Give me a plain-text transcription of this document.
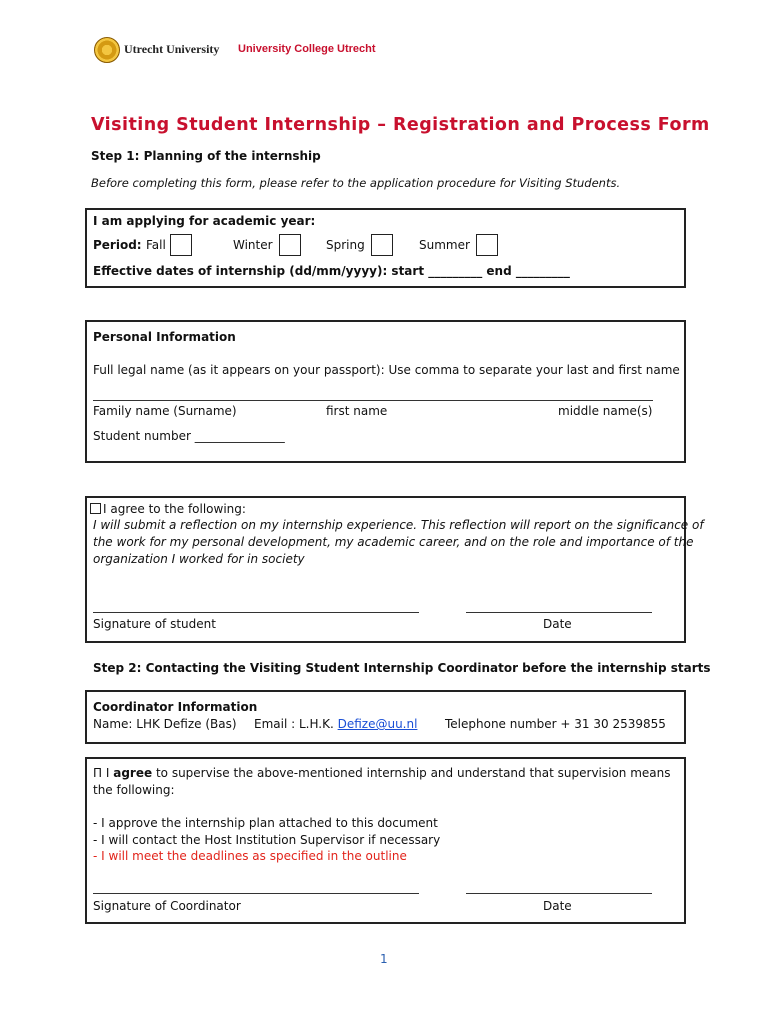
Utrecht University University College Utrecht
Visiting Student Internship – Registration and Process Form
Step 1: Planning of the internship
Before completing this form, please refer to the application procedure for Visiting Students.
I am applying for academic year:
Period: Fall	Winter	Spring	Summer
Effective dates of internship (dd/mm/yyyy): start _________ end _________
Personal Information
Full legal name (as it appears on your passport): Use comma to separate your last and first name
Family name (Surname)	first name	middle name(s)
Student number _______________
I agree to the following:
I will submit a reflection on my internship experience. This reflection will report on the significance of
the work for my personal development, my academic career, and on the role and importance of the
organization I worked for in society
Signature of student	Date
Step 2: Contacting the Visiting Student Internship Coordinator before the internship starts
Coordinator Information
Name: LHK Defize (Bas) Email : L.H.K. Defize@uu.nl Telephone number + 31 30 2539855
Π I agree to supervise the above-mentioned internship and understand that supervision means
the following:
- I approve the internship plan attached to this document
- I will contact the Host Institution Supervisor if necessary
- I will meet the deadlines as specified in the outline
Signature of Coordinator	Date
1
